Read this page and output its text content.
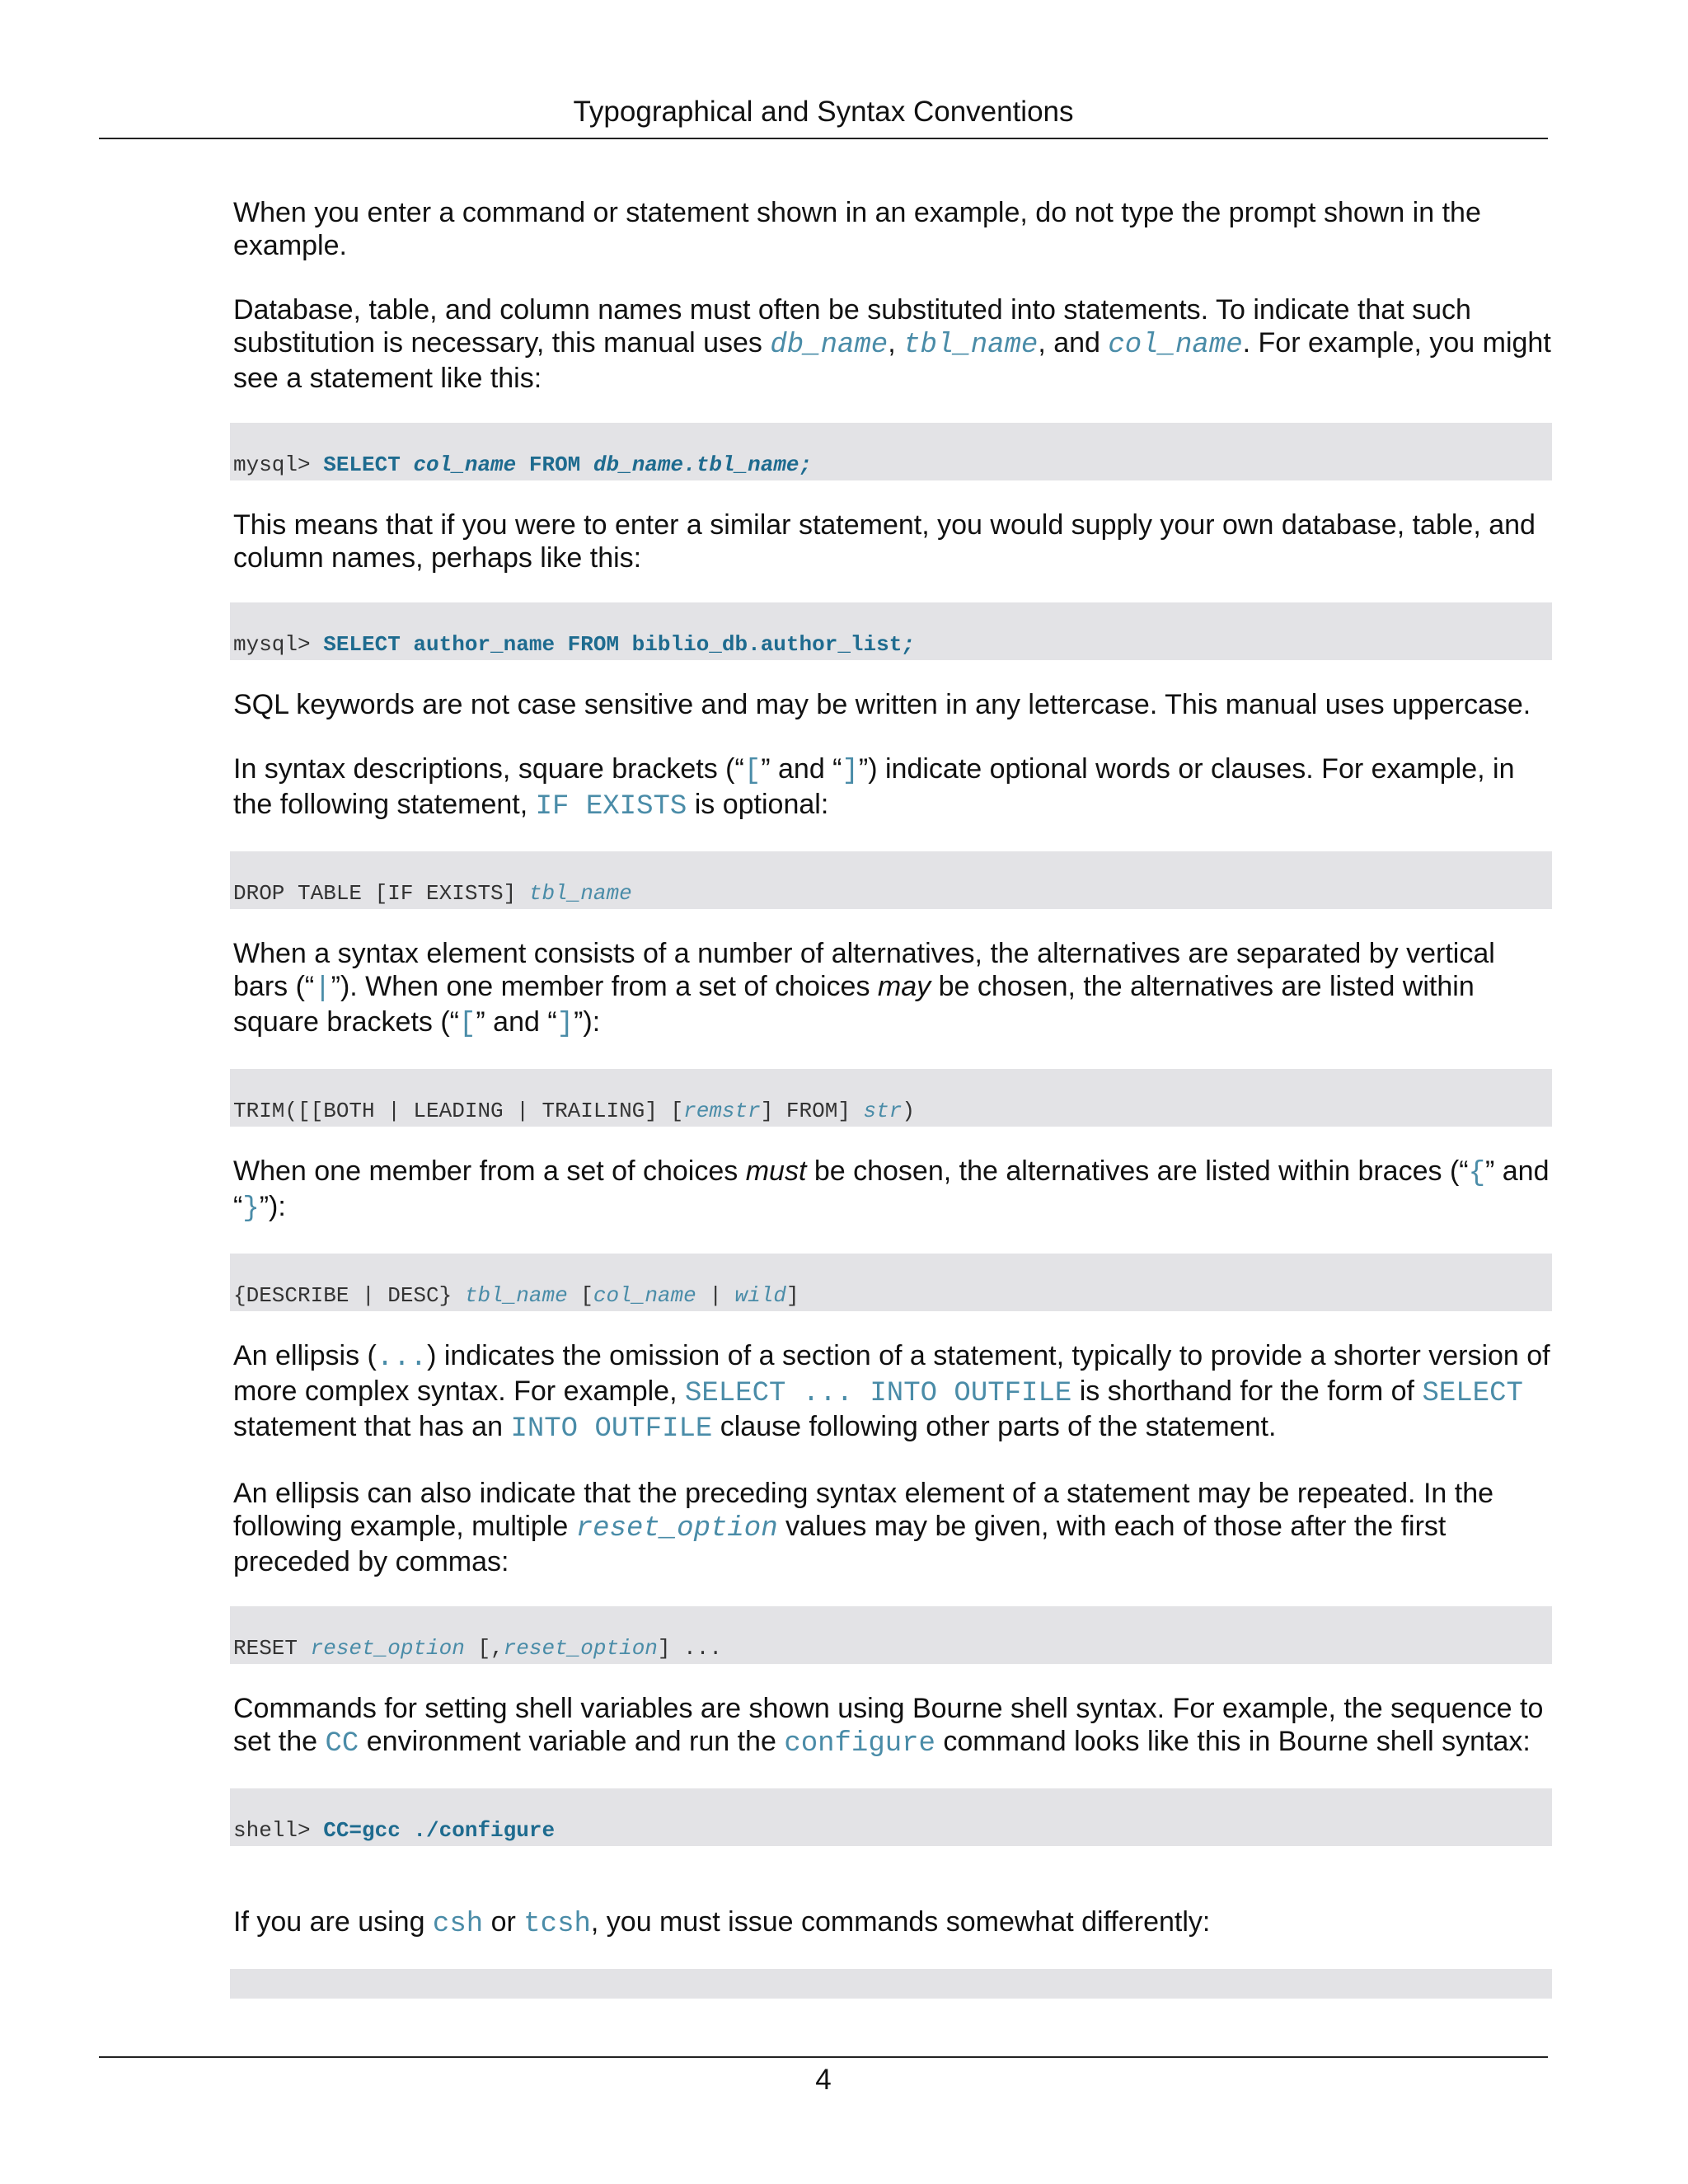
Typographical and Syntax Conventions

When you enter a command or statement shown in an example, do not type the prompt shown in the example.

Database, table, and column names must often be substituted into statements. To indicate that such substitution is necessary, this manual uses db_name, tbl_name, and col_name. For example, you might see a statement like this:

mysql> SELECT col_name FROM db_name.tbl_name;

This means that if you were to enter a similar statement, you would supply your own database, table, and column names, perhaps like this:

mysql> SELECT author_name FROM biblio_db.author_list;

SQL keywords are not case sensitive and may be written in any lettercase. This manual uses uppercase.

In syntax descriptions, square brackets (“[” and “]”) indicate optional words or clauses. For example, in the following statement, IF EXISTS is optional:

DROP TABLE [IF EXISTS] tbl_name

When a syntax element consists of a number of alternatives, the alternatives are separated by vertical bars (“|”). When one member from a set of choices may be chosen, the alternatives are listed within square brackets (“[” and “]”):

TRIM([[BOTH | LEADING | TRAILING] [remstr] FROM] str)

When one member from a set of choices must be chosen, the alternatives are listed within braces (“{” and “}”):

{DESCRIBE | DESC} tbl_name [col_name | wild]

An ellipsis (...) indicates the omission of a section of a statement, typically to provide a shorter version of more complex syntax. For example, SELECT ... INTO OUTFILE is shorthand for the form of SELECT statement that has an INTO OUTFILE clause following other parts of the statement.

An ellipsis can also indicate that the preceding syntax element of a statement may be repeated. In the following example, multiple reset_option values may be given, with each of those after the first preceded by commas:

RESET reset_option [,reset_option] ...

Commands for setting shell variables are shown using Bourne shell syntax. For example, the sequence to set the CC environment variable and run the configure command looks like this in Bourne shell syntax:

shell> CC=gcc ./configure

If you are using csh or tcsh, you must issue commands somewhat differently:

4
